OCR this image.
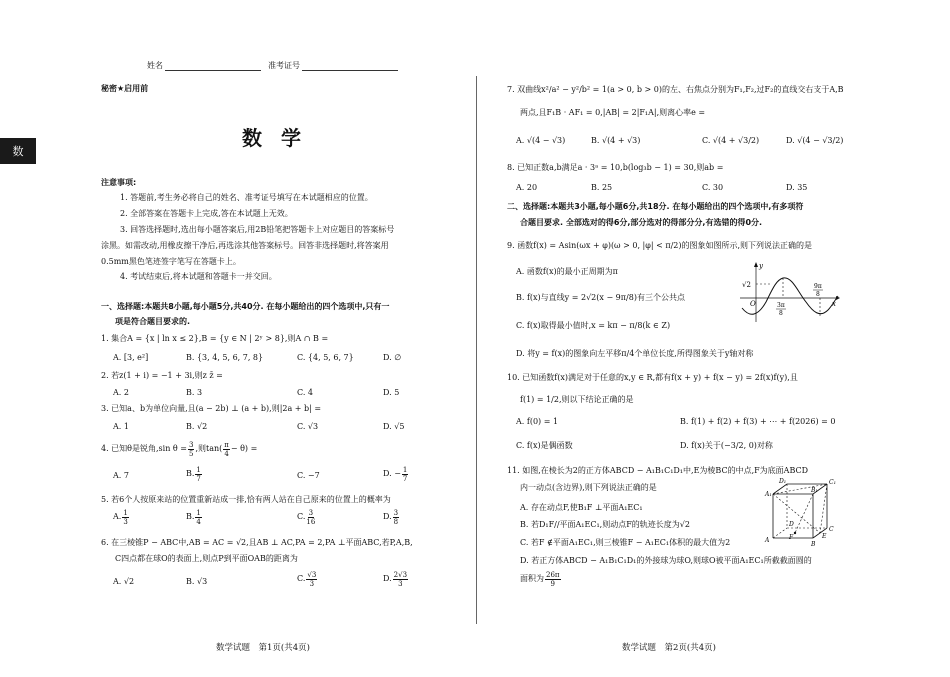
数
姓名	准考证号
秘密★启用前
数 学
注意事项:
1. 答题前,考生务必将自己的姓名、准考证号填写在本试题相应的位置。
2. 全部答案在答题卡上完成,答在本试题上无效。
3. 回答选择题时,选出每小题答案后,用2B铅笔把答题卡上对应题目的答案标号
涂黑。如需改动,用橡皮擦干净后,再选涂其他答案标号。回答非选择题时,将答案用
0.5mm黑色笔迹签字笔写在答题卡上。
4. 考试结束后,将本试题和答题卡一并交回。
一、选择题:本题共8小题,每小题5分,共40分. 在每小题给出的四个选项中,只有一
项是符合题目要求的.
1. 集合A = {x | ln x ≤ 2},B = {y ∈ N | 2ʸ > 8},则A ∩ B =
A. [3, e²]	B. {3, 4, 5, 6, 7, 8}	C. {4, 5, 6, 7}	D. ∅
2. 若z(1 + i) = −1 + 3i,则z z̄ =
A. 2	B. 3	C. 4	D. 5
3. 已知a、b为单位向量,且(a − 2b) ⊥ (a + b),则|2a + b| =
A. 1	B. √2	C. √3	D. √5
4. 已知θ是锐角,sin $\theta = \frac{3}{5}$ ,则$\tan( \frac{\pi}{4} - \theta)$ =
A. 7	B. $\frac{1}{7}$	C. −7	D. − $\frac{1}{7}$
5. 若6个人按原来站的位置重新站成一排,恰有两人站在自己原来的位置上的概率为
A. $\frac{1}{3}$	B. $\frac{1}{4}$	C. $\frac{3}{16}$	D. $\frac{3}{8}$
6. 在三棱锥P − ABC中,AB = AC = √2,且AB ⊥ AC,PA = 2,PA ⊥平面ABC,若P,A,B,
C四点都在球O的表面上,则点P到平面OAB的距离为
A. √2	B. √3	C. $\frac{√3}{3}$	D. $\frac{2√3}{3}$
数学试题　第1页(共4页)
7. 双曲线x²/a² − y²/b² = 1(a > 0, b > 0)的左、右焦点分别为F₁,F₂,过F₂的直线交右支于A,B
两点,且F₁B · AF₁ = 0,|AB| = 2|F₁A|,则离心率e =
A. √(4 − √3)	B. √(4 + √3)	C. √(4 + √3/2)	D. √(4 − √3/2)
8. 已知正数a,b满足a · 3ᵃ = 10,b(log₃b − 1) = 30,则ab =
A. 20	B. 25	C. 30	D. 35
二、选择题:本题共3小题,每小题6分,共18分. 在每小题给出的四个选项中,有多项符
合题目要求. 全部选对的得6分,部分选对的得部分分,有选错的得0分.
9. 函数f(x) = Asin(ωx + φ)(ω > 0, |φ| < π/2)的图象如图所示,则下列说法正确的是
A. 函数f(x)的最小正周期为π
B. f(x)与直线y = 2√2(x − 9π/8)有三个公共点
C. f(x)取得最小值时,x = kπ − π/8(k ∈ Z)
D. 将y = f(x)的图象向左平移π/4个单位长度,所得图象关于y轴对称
√2
O
y
x
3π
8
9π
8
10. 已知函数f(x)满足对于任意的x,y ∈ R,都有f(x + y) + f(x − y) = 2f(x)f(y),且
f(1) = 1/2,则以下结论正确的是
A. f(0) = 1	B. f(1) + f(2) + f(3) + ⋯ + f(2026) = 0
C. f(x)是偶函数	D. f(x)关于(−3/2, 0)对称
11. 如图,在棱长为2的正方体ABCD − A₁B₁C₁D₁中,E为棱BC的中点,F为底面ABCD
内一动点(含边界),则下列说法正确的是
A. 存在动点F,使B₁F ⊥平面A₁EC₁
B. 若D₁F//平面A₁EC₁,则动点F的轨迹长度为√2
C. 若F ∉平面A₁EC₁,则三棱锥F − A₁EC₁体积的最大值为2
D. 若正方体ABCD − A₁B₁C₁D₁的外接球为球O,则球O被平面A₁EC₁所截截面圆的
面积为 $\frac{26\pi}{9}$
A₁
B₁
C₁
D₁
A
B
C
D
E
F
数学试题　第2页(共4页)
